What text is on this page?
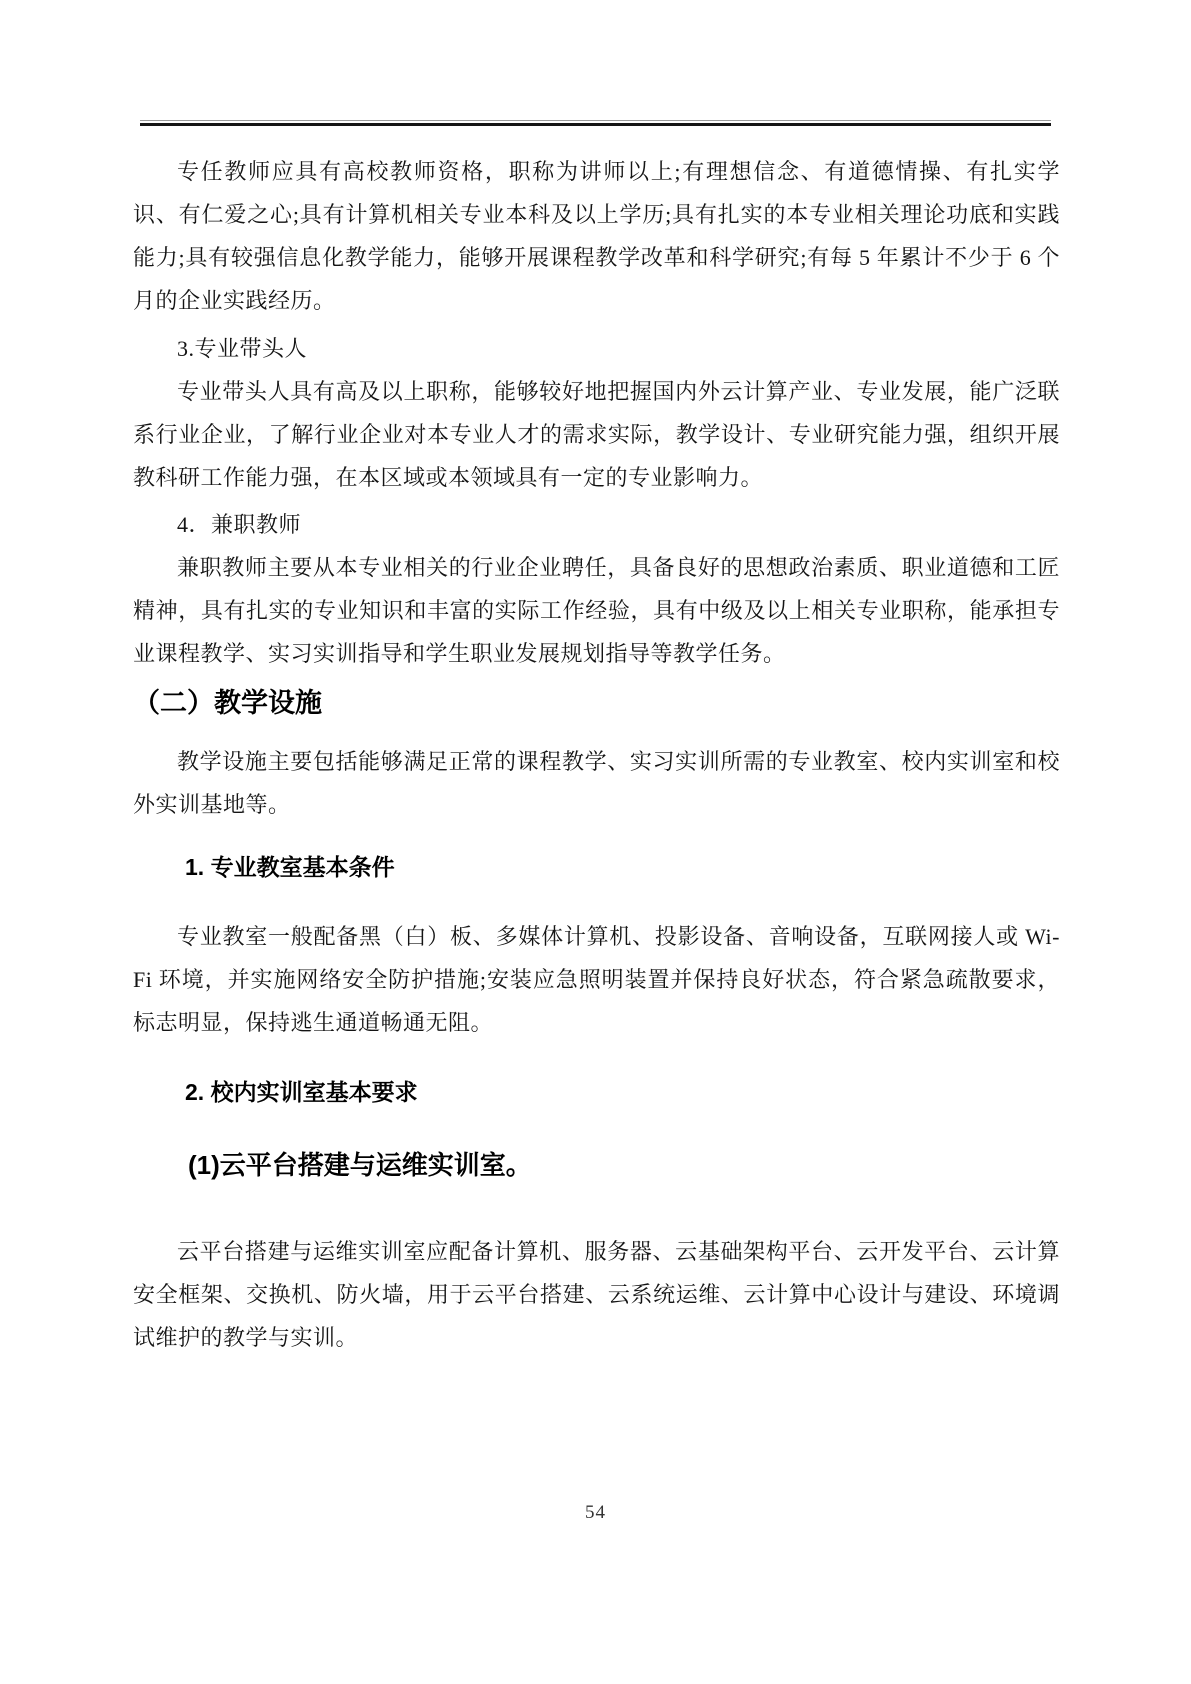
专任教师应具有高校教师资格，职称为讲师以上;有理想信念、有道德情操、有扎实学识、有仁爱之心;具有计算机相关专业本科及以上学历;具有扎实的本专业相关理论功底和实践能力;具有较强信息化教学能力，能够开展课程教学改革和科学研究;有每 5 年累计不少于 6 个月的企业实践经历。

3.专业带头人

专业带头人具有高及以上职称，能够较好地把握国内外云计算产业、专业发展，能广泛联系行业企业，了解行业企业对本专业人才的需求实际，教学设计、专业研究能力强，组织开展教科研工作能力强，在本区域或本领域具有一定的专业影响力。

4．兼职教师

兼职教师主要从本专业相关的行业企业聘任，具备良好的思想政治素质、职业道德和工匠精神，具有扎实的专业知识和丰富的实际工作经验，具有中级及以上相关专业职称，能承担专业课程教学、实习实训指导和学生职业发展规划指导等教学任务。

（二）教学设施

教学设施主要包括能够满足正常的课程教学、实习实训所需的专业教室、校内实训室和校外实训基地等。

1. 专业教室基本条件

专业教室一般配备黑（白）板、多媒体计算机、投影设备、音响设备，互联网接人或 Wi-Fi 环境，并实施网络安全防护措施;安装应急照明装置并保持良好状态，符合紧急疏散要求，标志明显，保持逃生通道畅通无阻。

2. 校内实训室基本要求
(1)云平台搭建与运维实训室。

云平台搭建与运维实训室应配备计算机、服务器、云基础架构平台、云开发平台、云计算安全框架、交换机、防火墙，用于云平台搭建、云系统运维、云计算中心设计与建设、环境调试维护的教学与实训。

54
